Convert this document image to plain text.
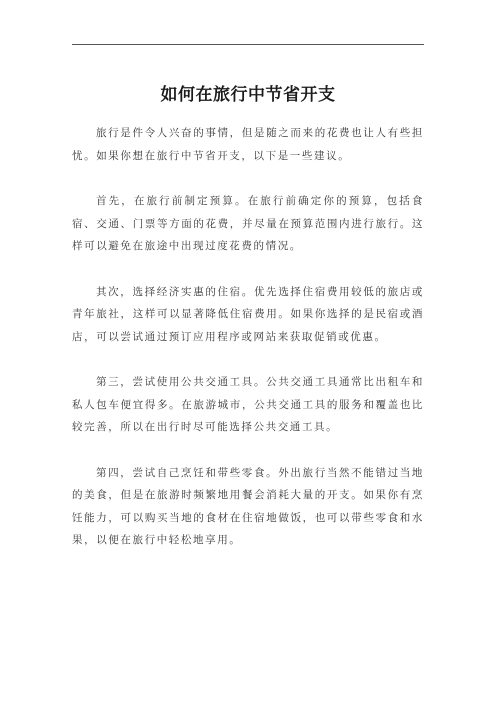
如何在旅行中节省开支

旅行是件令人兴奋的事情，但是随之而来的花费也让人有些担忧。如果你想在旅行中节省开支，以下是一些建议。

首先，在旅行前制定预算。在旅行前确定你的预算，包括食宿、交通、门票等方面的花费，并尽量在预算范围内进行旅行。这样可以避免在旅途中出现过度花费的情况。

其次，选择经济实惠的住宿。优先选择住宿费用较低的旅店或青年旅社，这样可以显著降低住宿费用。如果你选择的是民宿或酒店，可以尝试通过预订应用程序或网站来获取促销或优惠。

第三，尝试使用公共交通工具。公共交通工具通常比出租车和私人包车便宜得多。在旅游城市，公共交通工具的服务和覆盖也比较完善，所以在出行时尽可能选择公共交通工具。

第四，尝试自己烹饪和带些零食。外出旅行当然不能错过当地的美食，但是在旅游时频繁地用餐会消耗大量的开支。如果你有烹饪能力，可以购买当地的食材在住宿地做饭，也可以带些零食和水果，以便在旅行中轻松地享用。
